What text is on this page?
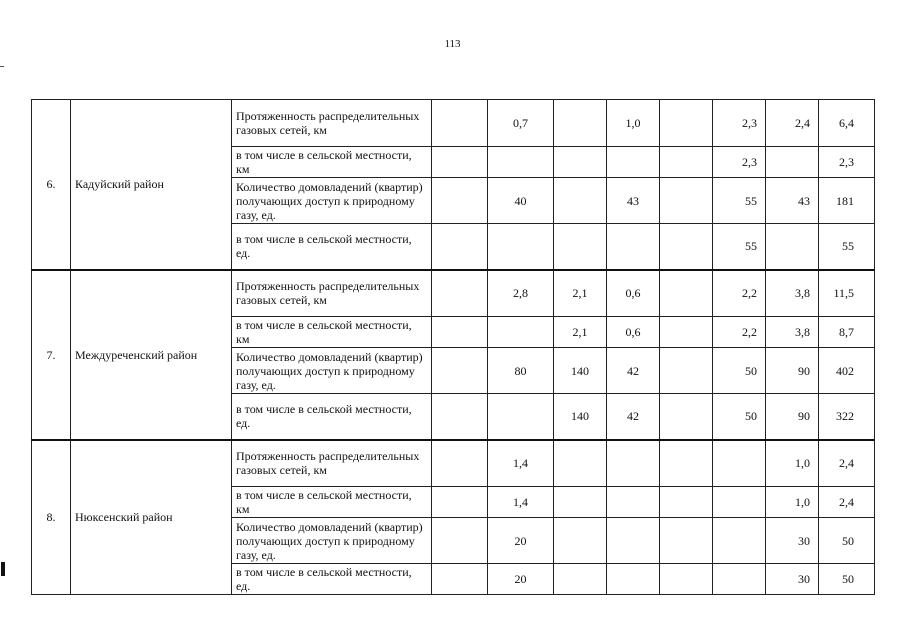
113
6.	Кадуйский район	Протяженность распределительных газовых сетей, км		0,7		1,0		2,3	2,4	6,4
		в том числе в сельской местности, км						2,3		2,3
		Количество домовладений (квартир) получающих доступ к природному газу, ед.		40		43		55	43	181
		в том числе в сельской местности, ед.						55		55
7.	Междуреченский район	Протяженность распределительных газовых сетей, км		2,8	2,1	0,6		2,2	3,8	11,5
		в том числе в сельской местности, км			2,1	0,6		2,2	3,8	8,7
		Количество домовладений (квартир) получающих доступ к природному газу, ед.		80	140	42		50	90	402
		в том числе в сельской местности, ед.			140	42		50	90	322
8.	Нюксенский район	Протяженность распределительных газовых сетей, км		1,4					1,0	2,4
		в том числе в сельской местности, км		1,4					1,0	2,4
		Количество домовладений (квартир) получающих доступ к природному газу, ед.		20					30	50
		в том числе в сельской местности, ед.		20					30	50
